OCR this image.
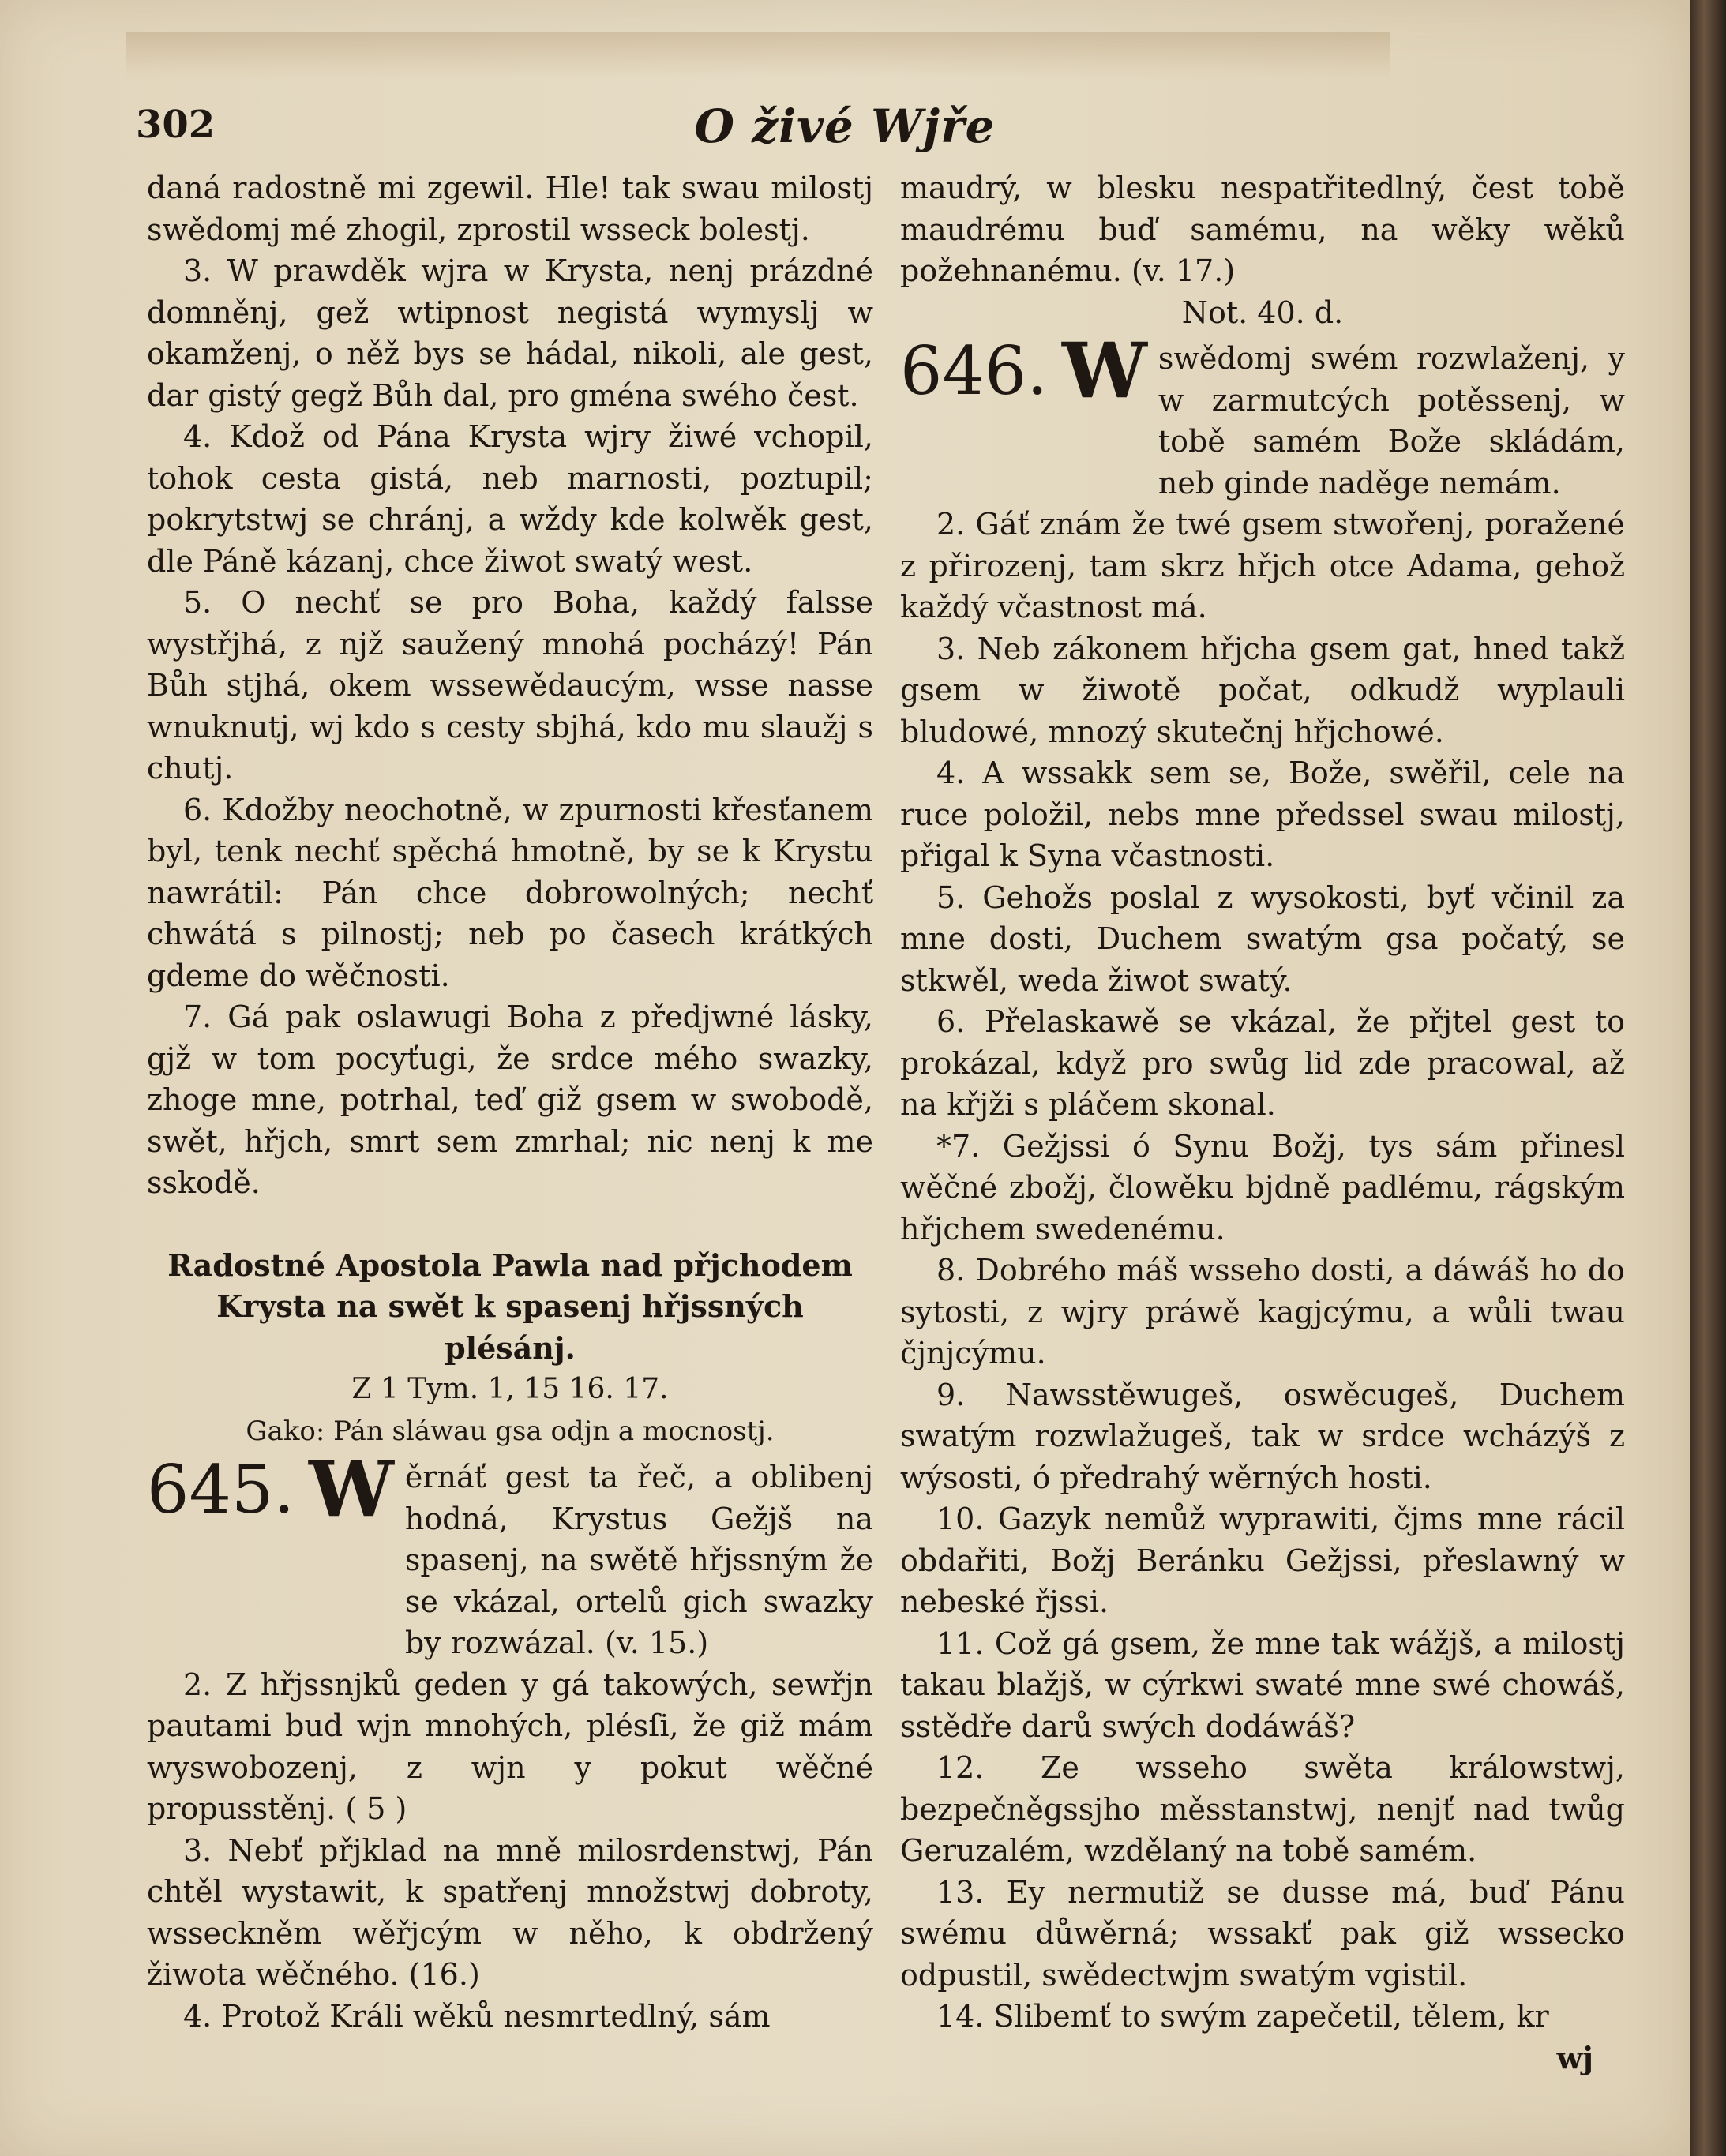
302	O živé Wjře

daná radostně mi zgewil. Hle! tak swau milostj swědomj mé zhogil, zprostil wsseck bolestj.

3. W prawděk wjra w Krysta, nenj prázdné domněnj, gež wtipnost negistá wymyslj w okamženj, o něž bys se hádal, nikoli, ale gest, dar gistý gegž Bůh dal, pro gména swého čest.

4. Kdož od Pána Krysta wjry žiwé vchopil, tohok cesta gistá, neb marnosti, poztupil; pokrytstwj se chránj, a wždy kde kolwěk gest, dle Páně kázanj, chce žiwot swatý west.

5. O nechť se pro Boha, každý falsse wystřjhá, z njž saužený mnohá pocházý! Pán Bůh stjhá, okem wssewědaucým, wsse nasse wnuknutj, wj kdo s cesty sbjhá, kdo mu slaužj s chutj.

6. Kdožby neochotně, w zpurnosti křesťanem byl, tenk nechť spěchá hmotně, by se k Krystu nawrátil: Pán chce dobrowolných; nechť chwátá s pilnostj; neb po časech krátkých gdeme do wěčnosti.

7. Gá pak oslawugi Boha z předjwné lásky, gjž w tom pocyťugi, že srdce mého swazky, zhoge mne, potrhal, teď giž gsem w swobodě, swět, hřjch, smrt sem zmrhal; nic nenj k me sskodě.

Radostné Apostola Pawla nad přjchodem Krysta na swět k spasenj hřjssných plésánj.

Z 1 Tym. 1, 15 16. 17.

Gako: Pán sláwau gsa odjn a mocnostj.

645. W ěrnáť gest ta řeč, a oblibenj hodná, Krystus Gežjš na spasenj, na swětě hřjssným že se vkázal, ortelů gich swazky by rozwázal. (v. 15.)

2. Z hřjssnjků geden y gá takowých, sewřjn pautami bud wjn mnohých, plésſi, že giž mám wyswobozenj, z wjn y pokut wěčné propusstěnj. ( 5 )

3. Nebť přjklad na mně milosrdenstwj, Pán chtěl wystawit, k spatřenj množstwj dobroty, wsseckněm wěřjcým w něho, k obdržený žiwota wěčného. (16.)

4. Protož Králi wěků nesmrtedlný, sám

maudrý, w blesku nespatřitedlný, čest tobě maudrému buď samému, na wěky wěků požehnanému. (v. 17.)

Not. 40. d.

646. W swědomj swém rozwlaženj, y w zarmutcých potěssenj, w tobě samém Bože skládám, neb ginde naděge nemám.

2. Gáť znám že twé gsem stwořenj, poražené z přirozenj, tam skrz hřjch otce Adama, gehož každý včastnost má.

3. Neb zákonem hřjcha gsem gat, hned takž gsem w žiwotě počat, odkudž wyplauli bludowé, mnozý skutečnj hřjchowé.

4. A wssakk sem se, Bože, swěřil, cele na ruce položil, nebs mne předssel swau milostj, přigal k Syna včastnosti.

5. Gehožs poslal z wysokosti, byť včinil za mne dosti, Duchem swatým gsa počatý, se stkwěl, weda žiwot swatý.

6. Přelaskawě se vkázal, že přjtel gest to prokázal, když pro swůg lid zde pracowal, až na křjži s pláčem skonal.

*7. Gežjssi ó Synu Božj, tys sám přinesl wěčné zbožj, člowěku bjdně padlému, rágským hřjchem swedenému.

8. Dobrého máš wsseho dosti, a dáwáš ho do sytosti, z wjry práwě kagjcýmu, a wůli twau čjnjcýmu.

9. Nawsstěwugeš, oswěcugeš, Duchem swatým rozwlažugeš, tak w srdce wcházýš z wýsosti, ó předrahý wěrných hosti.

10. Gazyk nemůž wyprawiti, čjms mne rácil obdařiti, Božj Beránku Gežjssi, přeslawný w nebeské řjssi.

11. Což gá gsem, že mne tak wážjš, a milostj takau blažjš, w cýrkwi swaté mne swé chowáš, sstědře darů swých dodáwáš?

12. Ze wsseho swěta králowstwj, bezpečněgssjho měsstanstwj, nenjť nad twůg Geruzalém, wzdělaný na tobě samém.

13. Ey nermutiž se dusse má, buď Pánu swému důwěrná; wssakť pak giž wssecko odpustil, swědectwjm swatým vgistil.

14. Slibemť to swým zapečetil, tělem, kr

wj
